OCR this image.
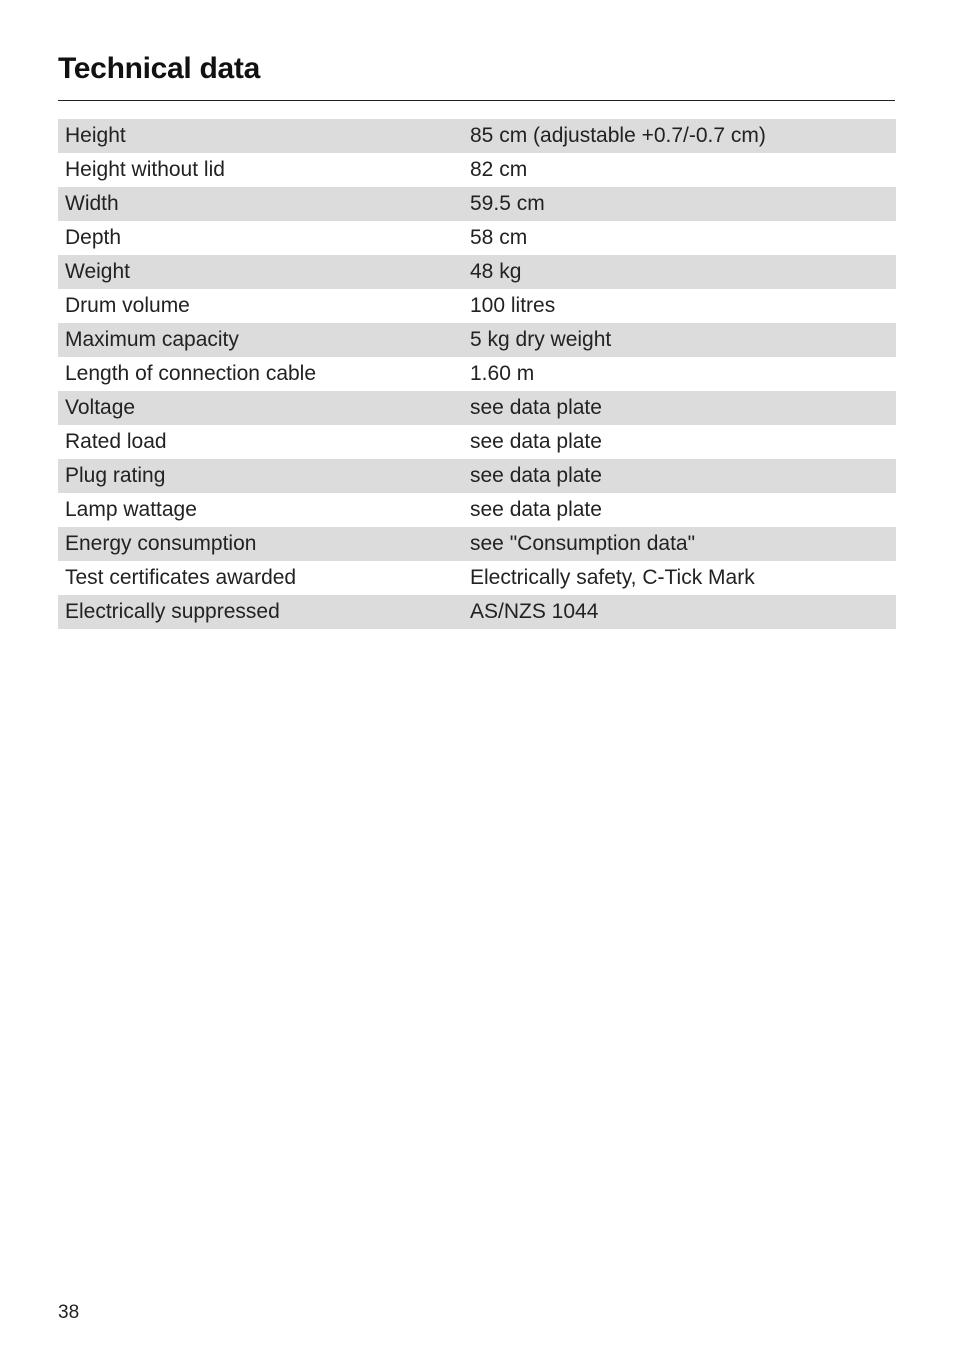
Technical data
Height	85 cm (adjustable +0.7/-0.7 cm)
Height without lid	82 cm
Width	59.5 cm
Depth	58 cm
Weight	48 kg
Drum volume	100 litres
Maximum capacity	5 kg dry weight
Length of connection cable	1.60 m
Voltage	see data plate
Rated load	see data plate
Plug rating	see data plate
Lamp wattage	see data plate
Energy consumption	see "Consumption data"
Test certificates awarded	Electrically safety, C-Tick Mark
Electrically suppressed	AS/NZS 1044
38
